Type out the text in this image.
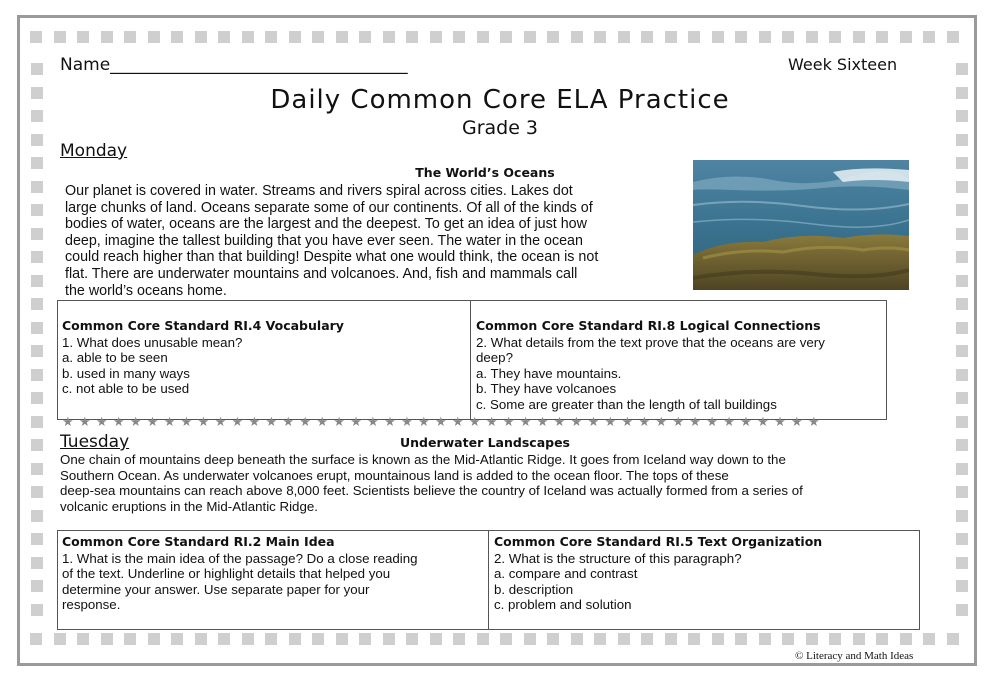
Name___________________________________	Week Sixteen
Daily Common Core ELA Practice
Grade 3
Monday
The World’s Oceans
Our planet is covered in water. Streams and rivers spiral across cities. Lakes dot
large chunks of land. Oceans separate some of our continents. Of all of the kinds of
bodies of water, oceans are the largest and the deepest. To get an idea of just how
deep, imagine the tallest building that you have ever seen. The water in the ocean
could reach higher than that building! Despite what one would think, the ocean is not
flat. There are underwater mountains and volcanoes. And, fish and mammals call
the world’s oceans home.
Common Core Standard RI.4 Vocabulary
1. What does unusable mean?
a. able to be seen
b. used in many ways
c. not able to be used
Common Core Standard RI.8 Logical Connections
2. What details from the text prove that the oceans are very
deep?
a. They have mountains.
b. They have volcanoes
c. Some are greater than the length of tall buildings
★★★★★★★★★★★★★★★★★★★★★★★★★★★★★★★★★★★★★★★★★★★★★
Tuesday	Underwater Landscapes
One chain of mountains deep beneath the surface is known as the Mid-Atlantic Ridge. It goes from Iceland way down to the
Southern Ocean. As underwater volcanoes erupt, mountainous land is added to the ocean floor. The tops of these
deep-sea mountains can reach above 8,000 feet. Scientists believe the country of Iceland was actually formed from a series of
volcanic eruptions in the Mid-Atlantic Ridge.
Common Core Standard RI.2 Main Idea
1. What is the main idea of the passage? Do a close reading
of the text. Underline or highlight details that helped you
determine your answer. Use separate paper for your
response.
Common Core Standard RI.5 Text Organization
2. What is the structure of this paragraph?
a. compare and contrast
b. description
c. problem and solution
© Literacy and Math Ideas
